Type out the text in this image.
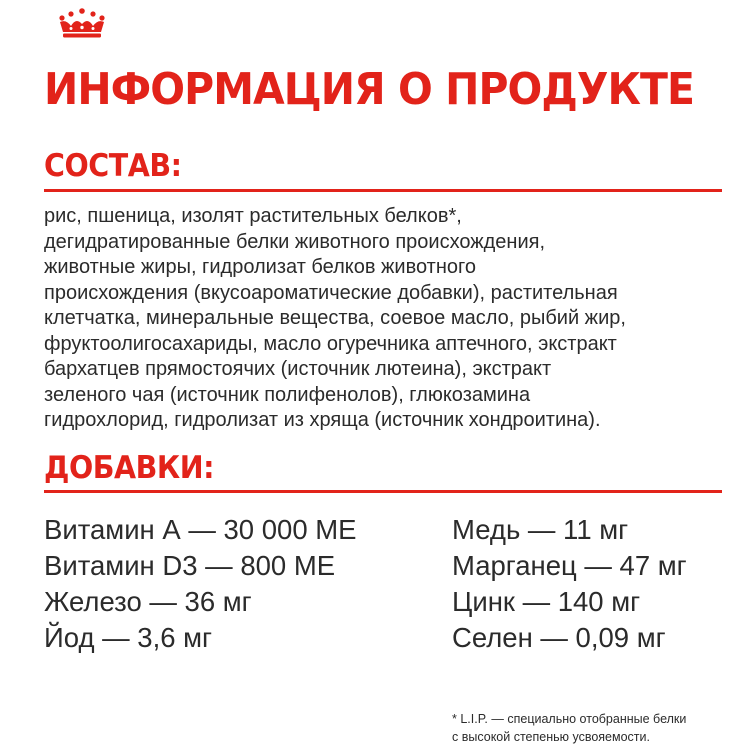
ИНФОРМАЦИЯ О ПРОДУКТЕ
СОСТАВ:

рис, пшеница, изолят растительных белков*,
дегидратированные белки животного происхождения,
животные жиры, гидролизат белков животного
происхождения (вкусоароматические добавки), растительная
клетчатка, минеральные вещества, соевое масло, рыбий жир,
фруктоолигосахариды, масло огуречника аптечного, экстракт
бархатцев прямостоячих (источник лютеина), экстракт
зеленого чая (источник полифенолов), глюкозамина
гидрохлорид, гидролизат из хряща (источник хондроитина).

ДОБАВКИ:
Витамин А — 30 000 МЕ
Витамин D3 — 800 МЕ
Железо — 36 мг
Йод — 3,6 мг
Медь — 11 мг
Марганец — 47 мг
Цинк — 140 мг
Селен — 0,09 мг
* L.I.P. — специально отобранные белки
с высокой степенью усвояемости.
